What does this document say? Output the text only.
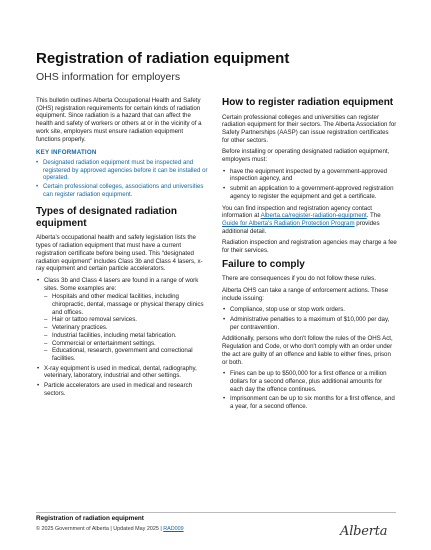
Registration of radiation equipment
OHS information for employers

This bulletin outlines Alberta Occupational Health and Safety (OHS) registration requirements for certain kinds of radiation equipment. Since radiation is a hazard that can affect the health and safety of workers or others at or in the vicinity of a work site, employers must ensure radiation equipment functions properly.

KEY INFORMATION
• Designated radiation equipment must be inspected and registered by approved agencies before it can be installed or operated.
• Certain professional colleges, associations and universities can register radiation equipment.
Types of designated radiation equipment

Alberta's occupational health and safety legislation lists the types of radiation equipment that must have a current registration certificate before being used. This “designated radiation equipment” includes Class 3b and Class 4 lasers, x-ray equipment and certain particle accelerators.

• Class 3b and Class 4 lasers are found in a range of work sites. Some examples are:
– Hospitals and other medical facilities, including chiropractic, dental, massage or physical therapy clinics and offices.
– Hair or tattoo removal services.
– Veterinary practices.
– Industrial facilities, including metal fabrication.
– Commercial or entertainment settings.
– Educational, research, government and correctional facilities.
• X-ray equipment is used in medical, dental, radiography, veterinary, laboratory, industrial and other settings.
• Particle accelerators are used in medical and research sectors.
How to register radiation equipment

Certain professional colleges and universities can register radiation equipment for their sectors. The Alberta Association for Safety Partnerships (AASP) can issue registration certificates for other sectors.

Before installing or operating designated radiation equipment, employers must:

• have the equipment inspected by a government-approved inspection agency, and
• submit an application to a government-approved registration agency to register the equipment and get a certificate.

You can find inspection and registration agency contact information at Alberta.ca/register-radiation-equipment. The Guide for Alberta's Radiation Protection Program provides additional detail.

Radiation inspection and registration agencies may charge a fee for their services.

Failure to comply

There are consequences if you do not follow these rules.

Alberta OHS can take a range of enforcement actions. These include issuing:

• Compliance, stop use or stop work orders.
• Administrative penalties to a maximum of $10,000 per day, per contravention.

Additionally, persons who don't follow the rules of the OHS Act, Regulation and Code, or who don't comply with an order under the act are guilty of an offence and liable to either fines, prison or both.

• Fines can be up to $500,000 for a first offence or a million dollars for a second offence, plus additional amounts for each day the offence continues.
• Imprisonment can be up to six months for a first offence, and a year, for a second offence.
Registration of radiation equipment
© 2025 Government of Alberta | Updated May 2025 | RAD009	Alberta
